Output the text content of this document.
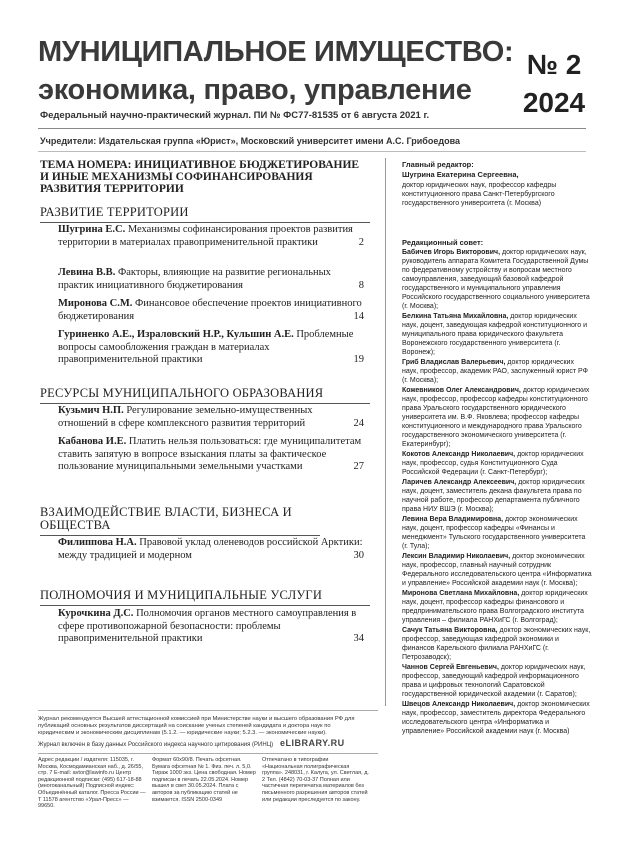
МУНИЦИПАЛЬНОЕ ИМУЩЕСТВО:
экономика, право, управление
№ 2
2024
Федеральный научно-практический журнал. ПИ № ФС77-81535 от 6 августа 2021 г.
Учредители: Издательская группа «Юрист», Московский университет имени А.С. Грибоедова
ТЕМА НОМЕРА: ИНИЦИАТИВНОЕ БЮДЖЕТИРОВАНИЕ И ИНЫЕ МЕХАНИЗМЫ СОФИНАНСИРОВАНИЯ РАЗВИТИЯ ТЕРРИТОРИИ
РАЗВИТИЕ ТЕРРИТОРИИ
Шугрина Е.С. Механизмы софинансирования проектов развития территории в материалах правоприменительной практики	2
Левина В.В. Факторы, влияющие на развитие региональных практик инициативного бюджетирования	8
Миронова С.М. Финансовое обеспечение проектов инициативного бюджетирования	14
Гуриненко А.Е., Израловский Н.Р., Кульшин А.Е. Проблемные вопросы самообложения граждан в материалах правоприменительной практики	19
РЕСУРСЫ МУНИЦИПАЛЬНОГО ОБРАЗОВАНИЯ
Кузьмич Н.П. Регулирование земельно-имущественных отношений в сфере комплексного развития территорий	24
Кабанова И.Е. Платить нельзя пользоваться: где муниципалитетам ставить запятую в вопросе взыскания платы за фактическое пользование муниципальными земельными участками	27
ВЗАИМОДЕЙСТВИЕ ВЛАСТИ, БИЗНЕСА И ОБЩЕСТВА
Филиппова Н.А. Правовой уклад оленеводов российской Арктики: между традицией и модерном	30
ПОЛНОМОЧИЯ И МУНИЦИПАЛЬНЫЕ УСЛУГИ
Курочкина Д.С. Полномочия органов местного самоуправления в сфере противопожарной безопасности: проблемы правоприменительной практики	34
Главный редактор:
Шугрина Екатерина Сергеевна,
доктор юридических наук, профессор кафедры конституционного права Санкт-Петербургского государственного университета (г. Москва)
Редакционный совет:
Бабичев Игорь Викторович, доктор юридических наук, руководитель аппарата Комитета Государственной Думы по федеративному устройству и вопросам местного самоуправления, заведующий базовой кафедрой государственного и муниципального управления Российского государственного социального университета (г. Москва);
Белкина Татьяна Михайловна, доктор юридических наук, доцент, заведующая кафедрой конституционного и муниципального права юридического факультета Воронежского государственного университета (г. Воронеж);
Гриб Владислав Валерьевич, доктор юридических наук, профессор, академик РАО, заслуженный юрист РФ (г. Москва);
Кожевников Олег Александрович, доктор юридических наук, профессор, профессор кафедры конституционного права Уральского государственного юридического университета им. В.Ф. Яковлева; профессор кафедры конституционного и международного права Уральского государственного экономического университета (г. Екатеринбург);
Кокотов Александр Николаевич, доктор юридических наук, профессор, судья Конституционного Суда Российской Федерации (г. Санкт-Петербург);
Ларичев Александр Алексеевич, доктор юридических наук, доцент, заместитель декана факультета права по научной работе, профессор департамента публичного права НИУ ВШЭ (г. Москва);
Левина Вера Владимировна, доктор экономических наук, доцент, профессор кафедры «Финансы и менеджмент» Тульского государственного университета (г. Тула);
Лексин Владимир Николаевич, доктор экономических наук, профессор, главный научный сотрудник Федерального исследовательского центра «Информатика и управление» Российской академии наук (г. Москва);
Миронова Светлана Михайловна, доктор юридических наук, доцент, профессор кафедры финансового и предпринимательского права Волгоградского института управления – филиала РАНХиГС (г. Волгоград);
Сачук Татьяна Викторовна, доктор экономических наук, профессор, заведующая кафедрой экономики и финансов Карельского филиала РАНХиГС (г. Петрозаводск);
Чаннов Сергей Евгеньевич, доктор юридических наук, профессор, заведующий кафедрой информационного права и цифровых технологий Саратовской государственной юридической академии (г. Саратов);
Швецов Александр Николаевич, доктор экономических наук, профессор, заместитель директора Федерального исследовательского центра «Информатика и управление» Российской академии наук (г. Москва)
Журнал рекомендуется Высшей аттестационной комиссией при Министерстве науки и высшего образования РФ для публикаций основных результатов диссертаций на соискание ученых степеней кандидата и доктора наук по юридическим и экономическим дисциплинам (5.1.2. — юридические науки; 5.2.3. — экономические науки).
Журнал включен в базу данных Российского индекса научного цитирования (РИНЦ) eLIBRARY.RU
Адрес редакции / издателя: 115035, г. Москва, Космодамианская наб., д. 26/55, стр. 7 E-mail: avtor@lawinfo.ru Центр редакционной подписки: (495) 617-18-88 (многоканальный) Подписной индекс: Объединённый каталог. Пресса России — Т 11578 агентство «Урал-Пресс» — 99650.
Формат 60х90/8. Печать офсетная. Бумага офсетная № 1. Физ. печ. л. 5,0. Тираж 1000 экз. Цена свободная. Номер подписан в печать 22.05.2024. Номер вышел в свет 30.05.2024. Плата с авторов за публикацию статей не взимается. ISSN 2500-0349
Отпечатано в типографии «Национальная полиграфическая группа». 248031, г. Калуга, ул. Светлая, д. 2 Тел. (4842) 70-03-37 Полная или частичная перепечатка материалов без письменного разрешения авторов статей или редакции преследуется по закону.
